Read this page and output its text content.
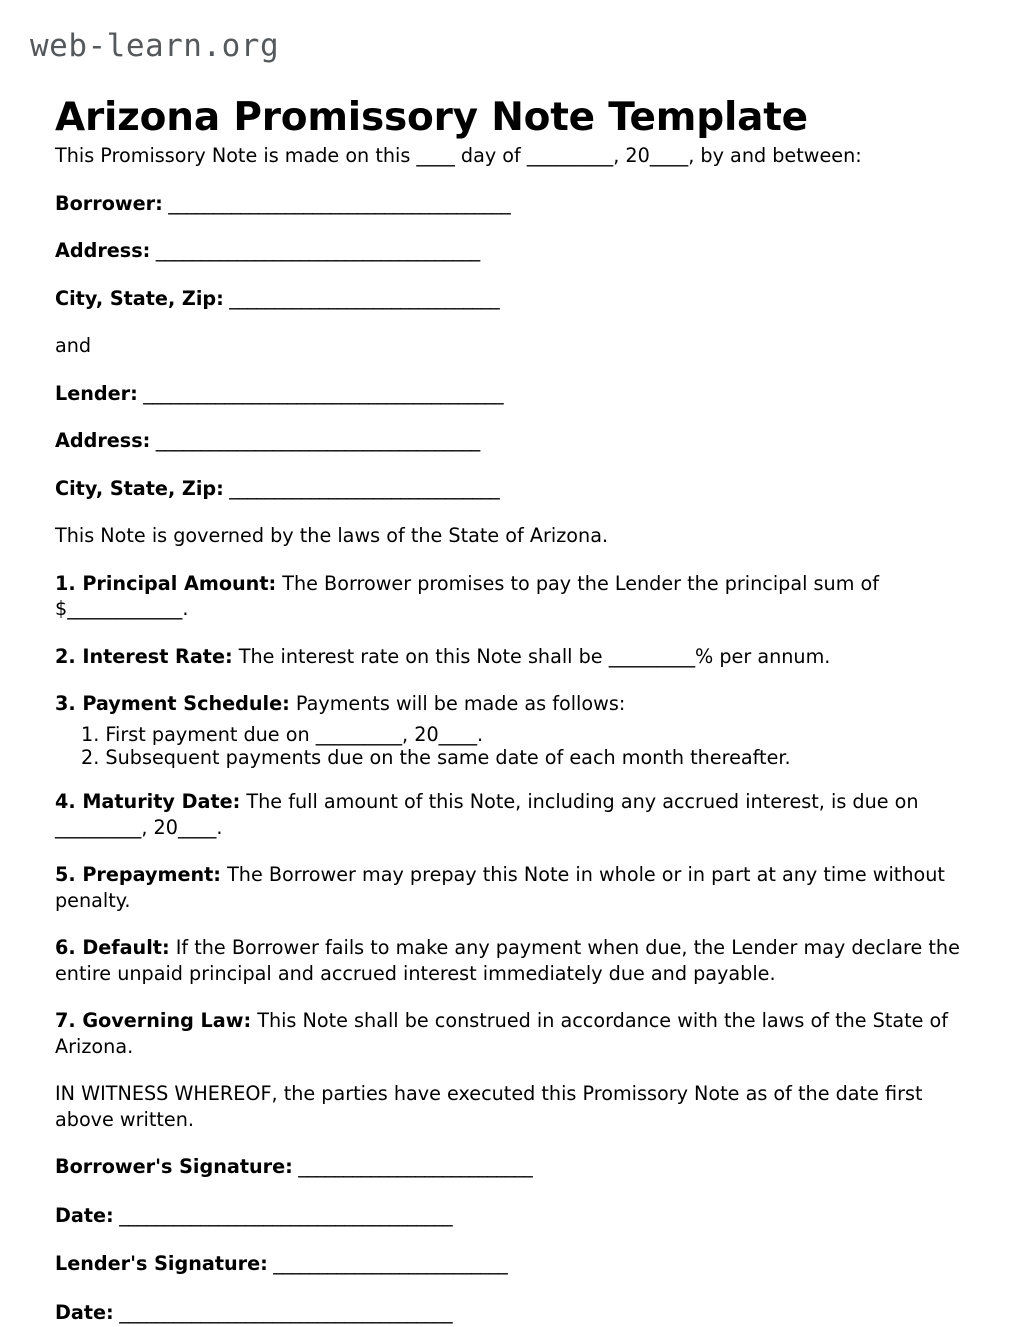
web-learn.org
Arizona Promissory Note Template

This Promissory Note is made on this ____ day of _________, 20____, by and between:

Borrower: ______________________________________

Address: ____________________________________

City, State, Zip: ______________________________

and

Lender: ________________________________________

Address: ____________________________________

City, State, Zip: ______________________________

This Note is governed by the laws of the State of Arizona.

1. Principal Amount: The Borrower promises to pay the Lender the principal sum of $____________.

2. Interest Rate: The interest rate on this Note shall be _________% per annum.

3. Payment Schedule: Payments will be made as follows:

First payment due on _________, 20____.
Subsequent payments due on the same date of each month thereafter.

4. Maturity Date: The full amount of this Note, including any accrued interest, is due on _________, 20____.

5. Prepayment: The Borrower may prepay this Note in whole or in part at any time without penalty.

6. Default: If the Borrower fails to make any payment when due, the Lender may declare the entire unpaid principal and accrued interest immediately due and payable.

7. Governing Law: This Note shall be construed in accordance with the laws of the State of Arizona.

IN WITNESS WHEREOF, the parties have executed this Promissory Note as of the date first above written.

Borrower's Signature: __________________________

Date: _____________________________________

Lender's Signature: __________________________

Date: _____________________________________
